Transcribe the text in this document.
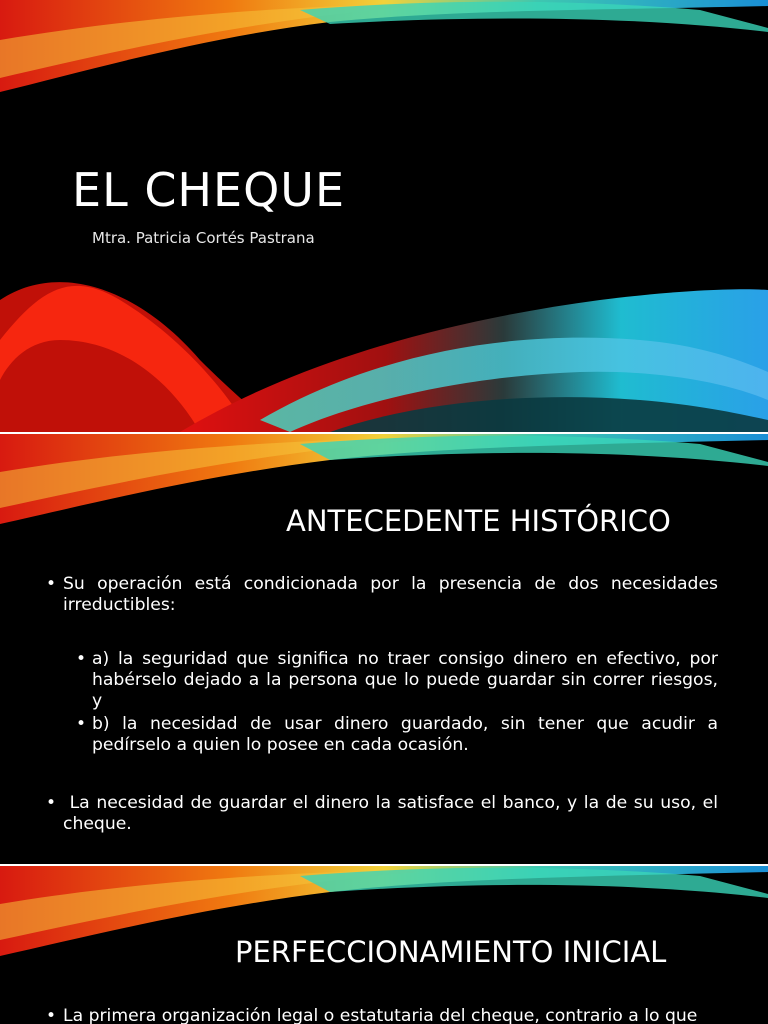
EL CHEQUE

Mtra. Patricia Cortés Pastrana

ANTECEDENTE HISTÓRICO
• Su operación está condicionada por la presencia de dos necesidades irreductibles:

• a) la seguridad que significa no traer consigo dinero en efectivo, por habérselo dejado a la persona que lo puede guardar sin correr riesgos, y

• b) la necesidad de usar dinero guardado, sin tener que acudir a pedírselo a quien lo posee en cada ocasión.

• La necesidad de guardar el dinero la satisface el banco, y la de su uso, el cheque.

PERFECCIONAMIENTO INICIAL
• La primera organización legal o estatutaria del cheque, contrario a lo que
